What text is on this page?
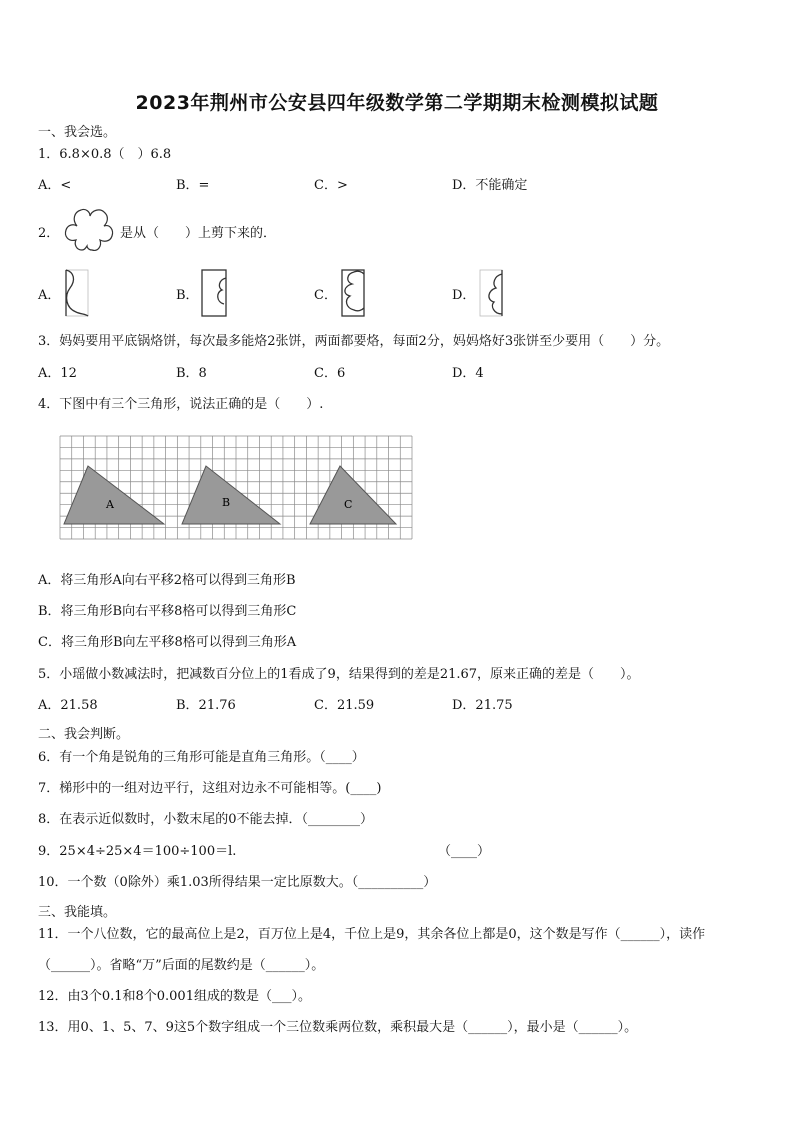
2023年荆州市公安县四年级数学第二学期期末检测模拟试题
一、我会选。
1．6.8×0.8（　）6.8
A．<	B．=	C．>	D．不能确定
2．	是从（　　）上剪下来的．
A．	B．	C．	D．
3．妈妈要用平底锅烙饼，每次最多能烙2张饼，两面都要烙，每面2分，妈妈烙好3张饼至少要用（　　）分。
A．12	B．8	C．6	D．4
4．下图中有三个三角形，说法正确的是（　　）.
A	B	C
A．将三角形A向右平移2格可以得到三角形B
B．将三角形B向右平移8格可以得到三角形C
C．将三角形B向左平移8格可以得到三角形A
5．小瑶做小数减法时，把减数百分位上的1看成了9，结果得到的差是21.67，原来正确的差是（　　）。
A．21.58	B．21.76	C．21.59	D．21.75
二、我会判断。
6．有一个角是锐角的三角形可能是直角三角形。（____）
7．梯形中的一组对边平行，这组对边永不可能相等。(____)
8．在表示近似数时，小数末尾的0不能去掉．（________）
9．25×4÷25×4＝100÷100＝l.	（____）
10．一个数（0除外）乘1.03所得结果一定比原数大。（__________）
三、我能填。
11．一个八位数，它的最高位上是2，百万位上是4，千位上是9，其余各位上都是0，这个数是写作（______），读作
（______）。省略“万”后面的尾数约是（______）。
12．由3个0.1和8个0.001组成的数是（___）。
13．用0、1、5、7、9这5个数字组成一个三位数乘两位数，乘积最大是（______），最小是（______）。
